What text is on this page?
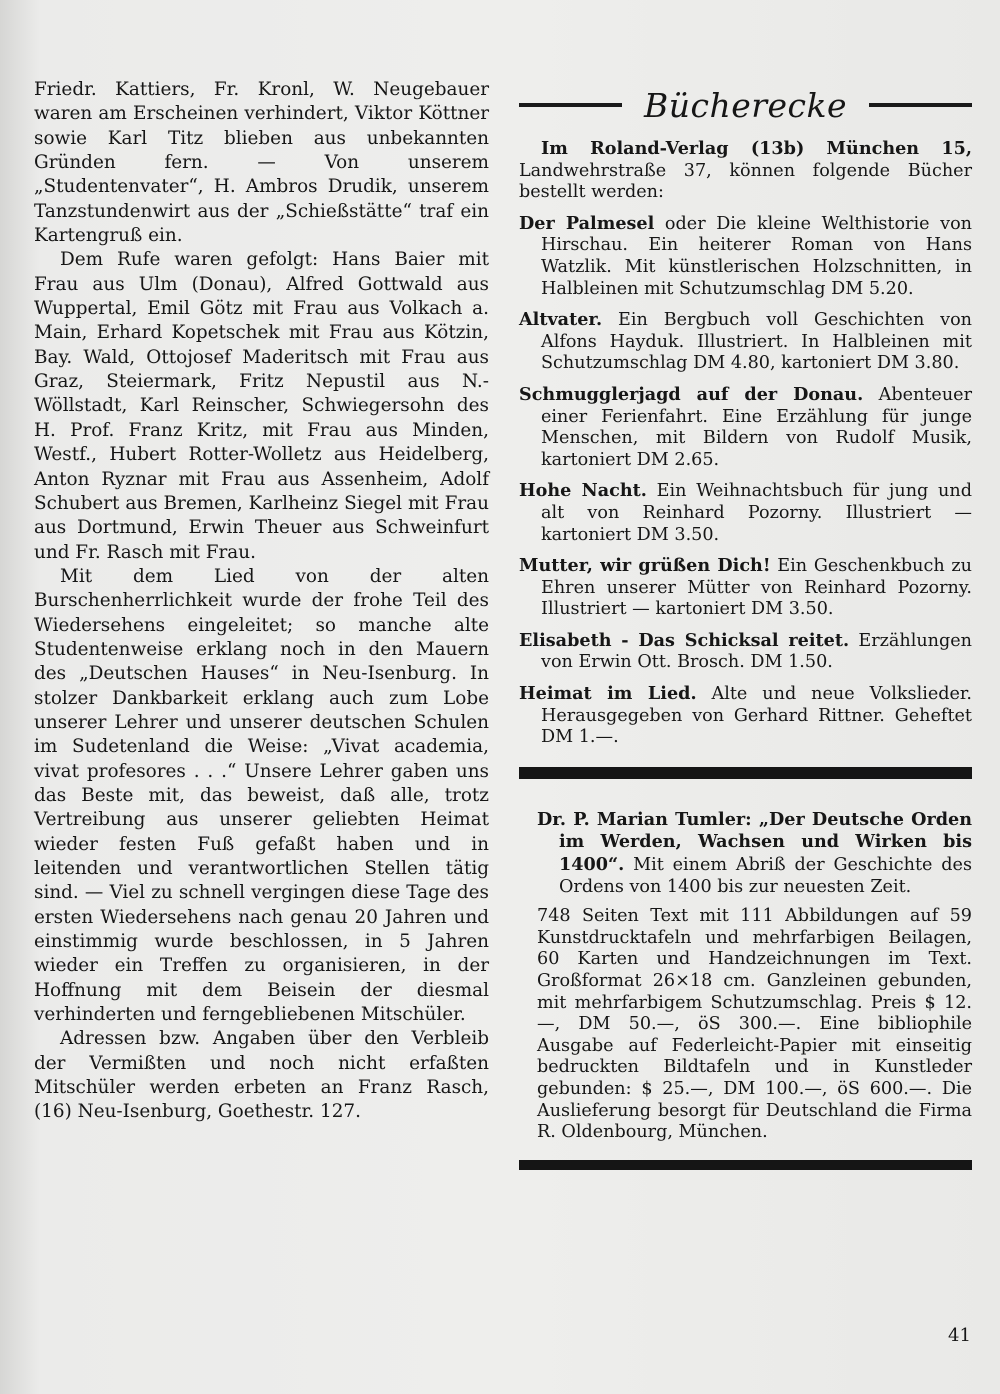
Friedr. Kattiers, Fr. Kronl, W. Neugebauer waren am Erscheinen verhindert, Viktor Köttner sowie Karl Titz blieben aus unbekannten Gründen fern. — Von unserem „Studentenvater“, H. Ambros Drudik, unserem Tanzstundenwirt aus der „Schießstätte“ traf ein Kartengruß ein.

Dem Rufe waren gefolgt: Hans Baier mit Frau aus Ulm (Donau), Alfred Gottwald aus Wuppertal, Emil Götz mit Frau aus Volkach a. Main, Erhard Kopetschek mit Frau aus Kötzin, Bay. Wald, Ottojosef Maderitsch mit Frau aus Graz, Steiermark, Fritz Nepustil aus N.-Wöllstadt, Karl Reinscher, Schwiegersohn des H. Prof. Franz Kritz, mit Frau aus Minden, Westf., Hubert Rotter-Wolletz aus Heidelberg, Anton Ryznar mit Frau aus Assenheim, Adolf Schubert aus Bremen, Karlheinz Siegel mit Frau aus Dortmund, Erwin Theuer aus Schweinfurt und Fr. Rasch mit Frau.

Mit dem Lied von der alten Burschenherrlichkeit wurde der frohe Teil des Wiedersehens eingeleitet; so manche alte Studentenweise erklang noch in den Mauern des „Deutschen Hauses“ in Neu-Isenburg. In stolzer Dankbarkeit erklang auch zum Lobe unserer Lehrer und unserer deutschen Schulen im Sudetenland die Weise: „Vivat academia, vivat profesores . . .“ Unsere Lehrer gaben uns das Beste mit, das beweist, daß alle, trotz Vertreibung aus unserer geliebten Heimat wieder festen Fuß gefaßt haben und in leitenden und verantwortlichen Stellen tätig sind. — Viel zu schnell vergingen diese Tage des ersten Wiedersehens nach genau 20 Jahren und einstimmig wurde beschlossen, in 5 Jahren wieder ein Treffen zu organisieren, in der Hoffnung mit dem Beisein der diesmal verhinderten und ferngebliebenen Mitschüler.

Adressen bzw. Angaben über den Verbleib der Vermißten und noch nicht erfaßten Mitschüler werden erbeten an Franz Rasch, (16) Neu-Isenburg, Goethestr. 127.

Bücherecke

Im Roland-Verlag (13b) München 15, Landwehrstraße 37, können folgende Bücher bestellt werden:

Der Palmesel oder Die kleine Welthistorie von Hirschau. Ein heiterer Roman von Hans Watzlik. Mit künstlerischen Holzschnitten, in Halbleinen mit Schutzumschlag DM 5.20.

Altvater. Ein Bergbuch voll Geschichten von Alfons Hayduk. Illustriert. In Halbleinen mit Schutzumschlag DM 4.80, kartoniert DM 3.80.

Schmugglerjagd auf der Donau. Abenteuer einer Ferienfahrt. Eine Erzählung für junge Menschen, mit Bildern von Rudolf Musik, kartoniert DM 2.65.

Hohe Nacht. Ein Weihnachtsbuch für jung und alt von Reinhard Pozorny. Illustriert — kartoniert DM 3.50.

Mutter, wir grüßen Dich! Ein Geschenkbuch zu Ehren unserer Mütter von Reinhard Pozorny. Illustriert — kartoniert DM 3.50.

Elisabeth - Das Schicksal reitet. Erzählungen von Erwin Ott. Brosch. DM 1.50.

Heimat im Lied. Alte und neue Volkslieder. Herausgegeben von Gerhard Rittner. Geheftet DM 1.—.

Dr. P. Marian Tumler: „Der Deutsche Orden im Werden, Wachsen und Wirken bis 1400“. Mit einem Abriß der Geschichte des Ordens von 1400 bis zur neuesten Zeit.

748 Seiten Text mit 111 Abbildungen auf 59 Kunstdrucktafeln und mehrfarbigen Beilagen, 60 Karten und Handzeichnungen im Text. Großformat 26×18 cm. Ganzleinen gebunden, mit mehrfarbigem Schutzumschlag. Preis $ 12.—, DM 50.—, öS 300.—. Eine bibliophile Ausgabe auf Federleicht-Papier mit einseitig bedruckten Bildtafeln und in Kunstleder gebunden: $ 25.—, DM 100.—, öS 600.—. Die Auslieferung besorgt für Deutschland die Firma R. Oldenbourg, München.

41
